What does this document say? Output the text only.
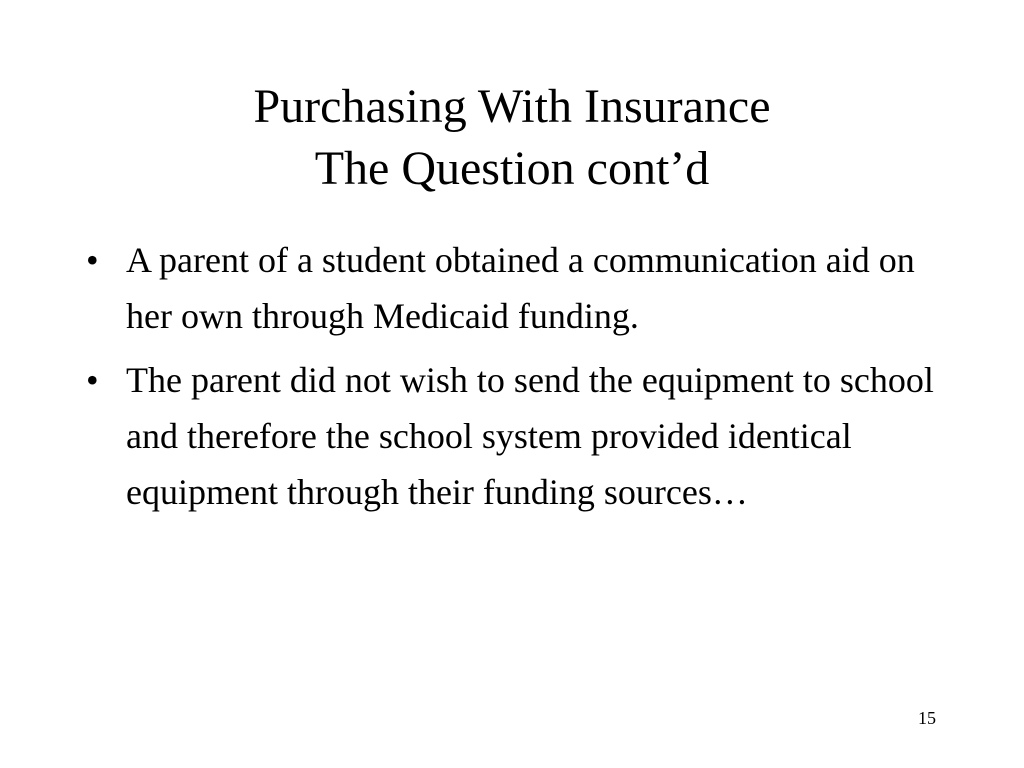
Purchasing With Insurance
The Question cont’d
• A parent of a student obtained a communication aid on her own through Medicaid funding.
• The parent did not wish to send the equipment to school and therefore the school system provided identical equipment through their funding sources…
15
